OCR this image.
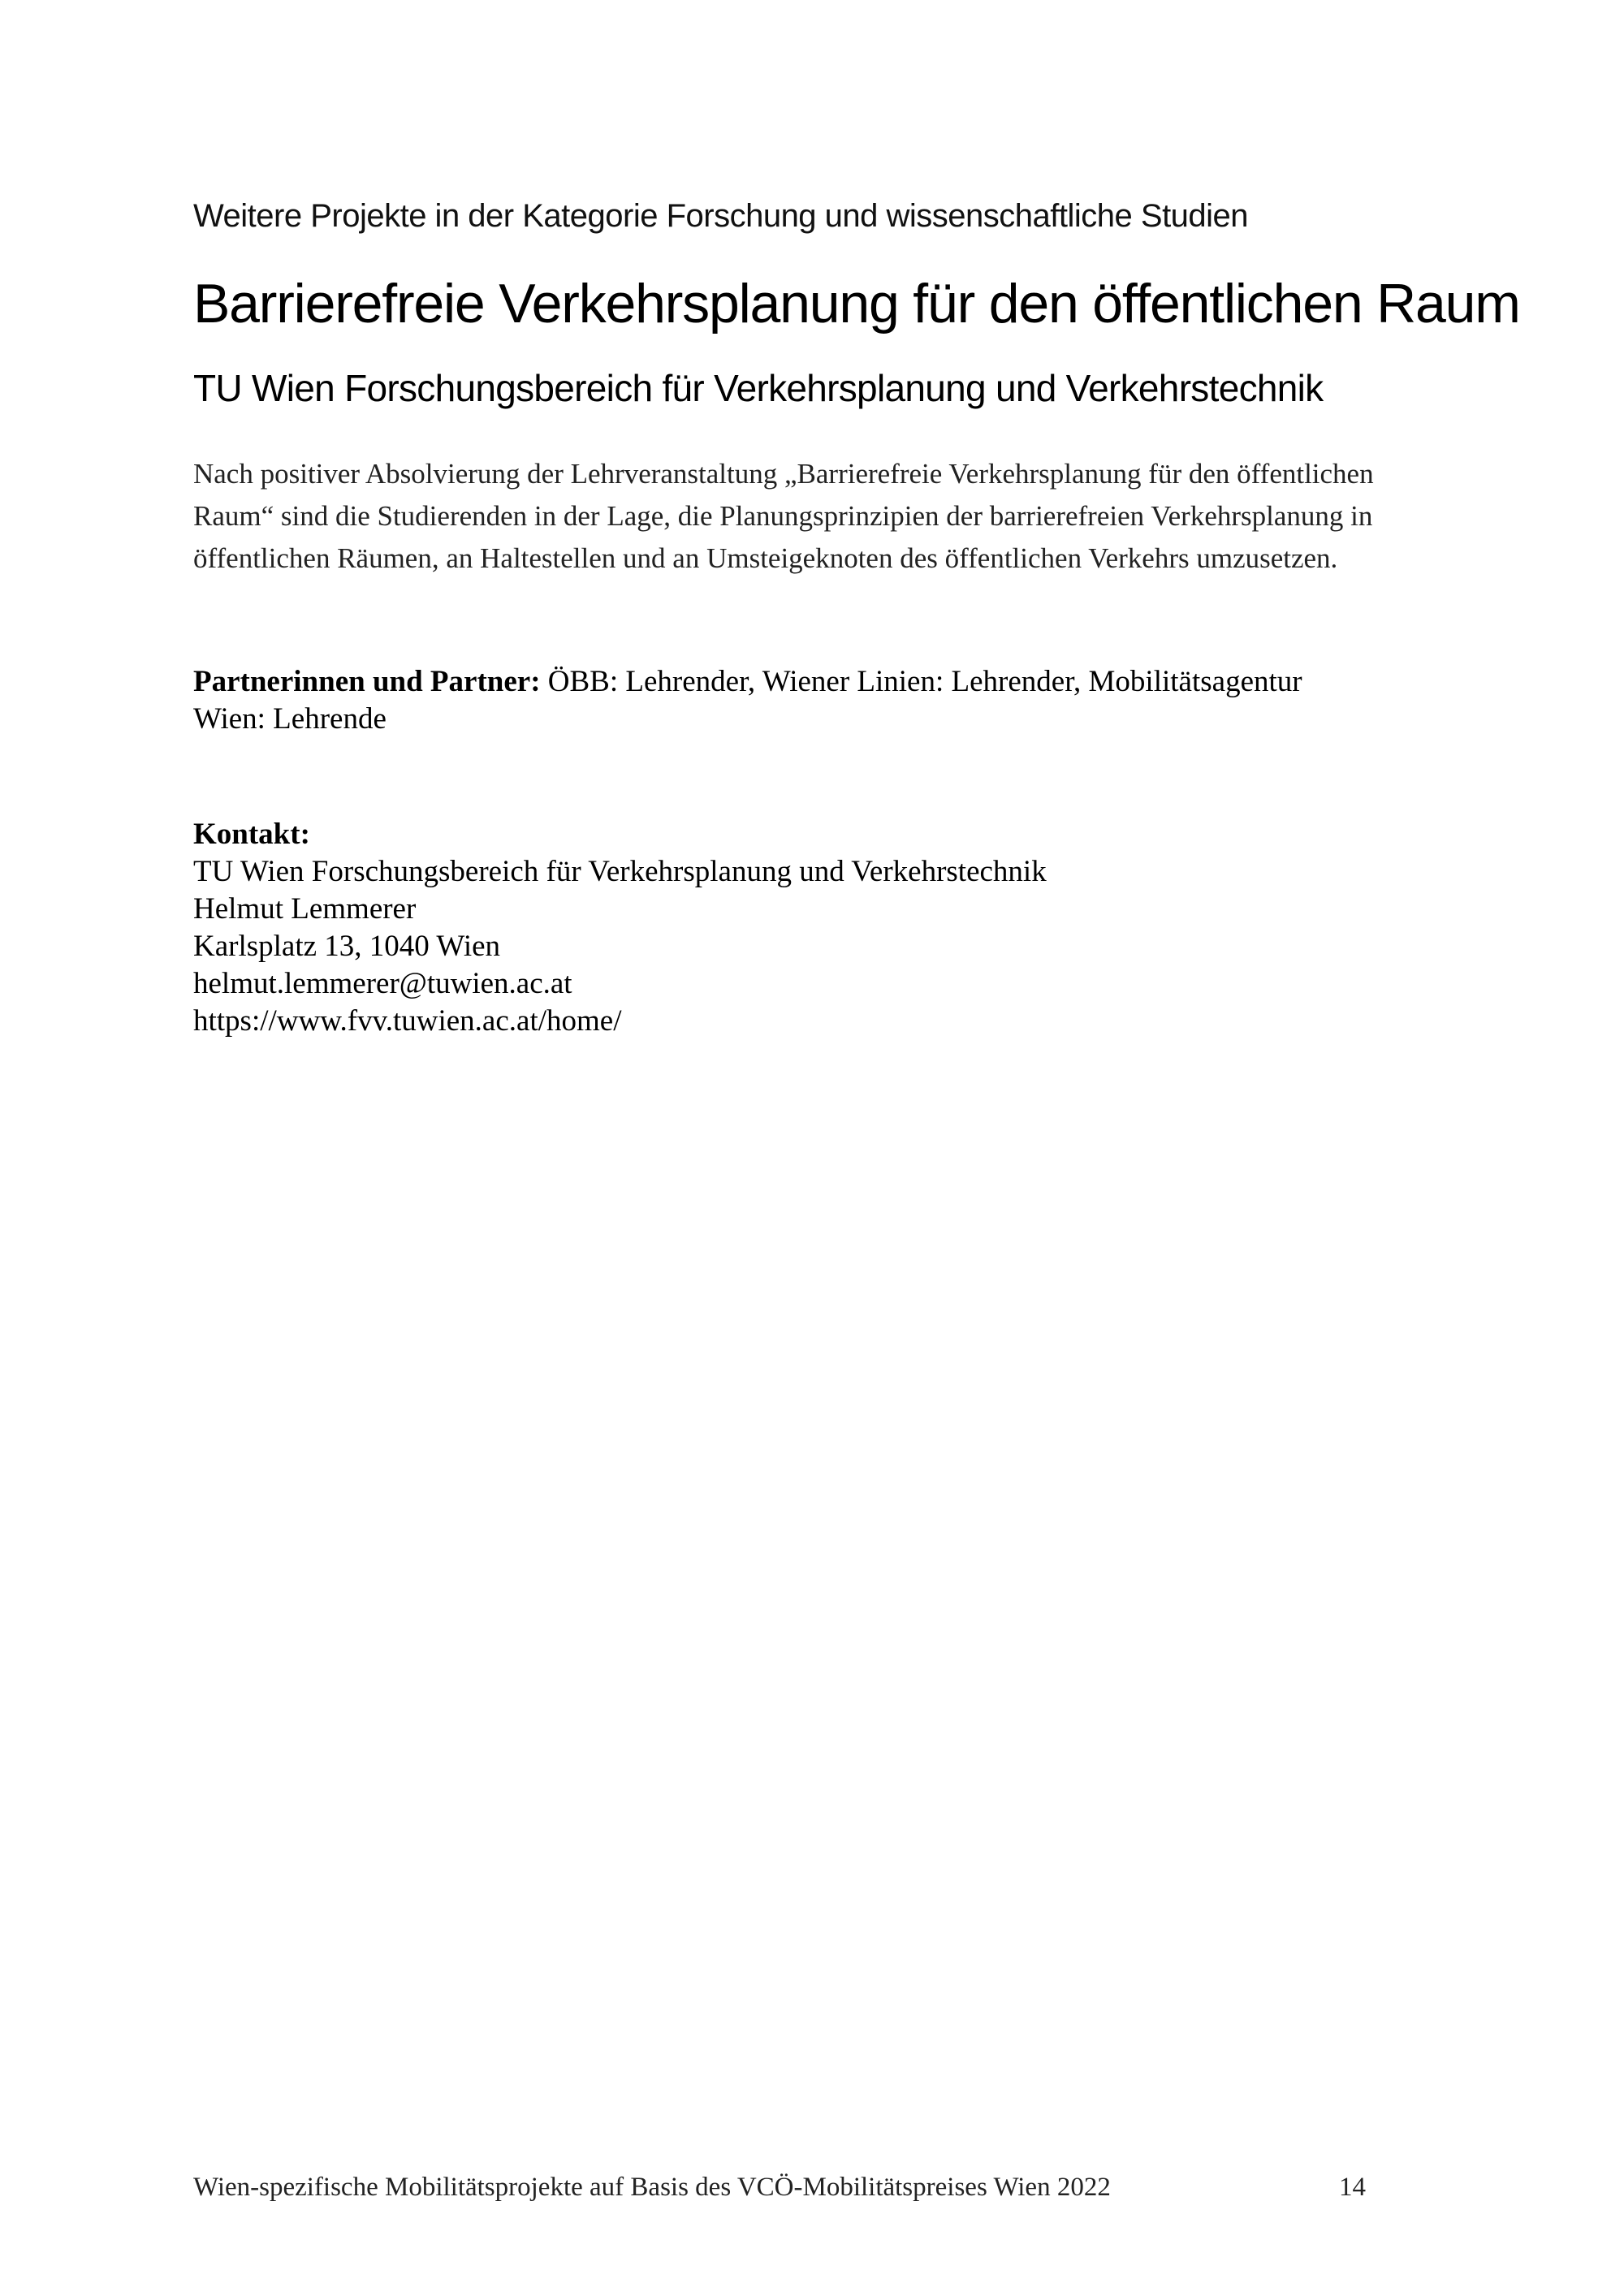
Weitere Projekte in der Kategorie Forschung und wissenschaftliche Studien

Barrierefreie Verkehrsplanung für den öffentlichen Raum
TU Wien Forschungsbereich für Verkehrsplanung und Verkehrstechnik

Nach positiver Absolvierung der Lehrveranstaltung „Barrierefreie Verkehrsplanung für den öffentlichen Raum“ sind die Studierenden in der Lage, die Planungsprinzipien der barrierefreien Verkehrsplanung in öffentlichen Räumen, an Haltestellen und an Umsteigeknoten des öffentlichen Verkehrs umzusetzen.

Partnerinnen und Partner: ÖBB: Lehrender, Wiener Linien: Lehrender, Mobilitätsagentur Wien: Lehrende

Kontakt:
TU Wien Forschungsbereich für Verkehrsplanung und Verkehrstechnik
Helmut Lemmerer
Karlsplatz 13, 1040 Wien
helmut.lemmerer@tuwien.ac.at
https://www.fvv.tuwien.ac.at/home/
Wien-spezifische Mobilitätsprojekte auf Basis des VCÖ-Mobilitätspreises Wien 2022	14
